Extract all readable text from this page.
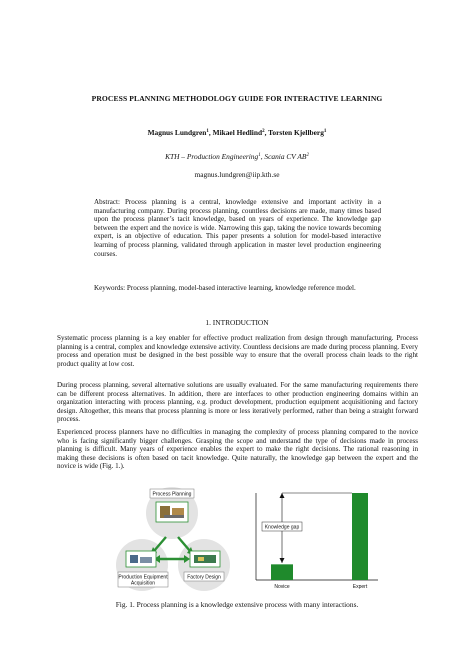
PROCESS PLANNING METHODOLOGY GUIDE FOR INTERACTIVE LEARNING
Magnus Lundgren$^1$, Mikael Hedlind$^2$, Torsten Kjellberg$^1$
KTH – Production Engineering$^1$, Scania CV $AB^2$
magnus.lundgren@iip.kth.se
Abstract: Process planning is a central, knowledge extensive and important activity in a manufacturing company. During process planning, countless decisions are made, many times based upon the process planner’s tacit knowledge, based on years of experience. The knowledge gap between the expert and the novice is wide. Narrowing this gap, taking the novice towards becoming expert, is an objective of education. This paper presents a solution for model-based interactive learning of process planning, validated through application in master level production engineering courses.
Keywords: Process planning, model-based interactive learning, knowledge reference model.
1. INTRODUCTION
Systematic process planning is a key enabler for effective product realization from design through manufacturing. Process planning is a central, complex and knowledge extensive activity. Countless decisions are made during process planning. Every process and operation must be designed in the best possible way to ensure that the overall process chain leads to the right product quality at low cost.
During process planning, several alternative solutions are usually evaluated. For the same manufacturing requirements there can be different process alternatives. In addition, there are interfaces to other production engineering domains within an organization interacting with process planning, e.g. product development, production equipment acquisitioning and factory design. Altogether, this means that process planning is more or less iteratively performed, rather than being a straight forward process.
Experienced process planners have no difficulties in managing the complexity of process planning compared to the novice who is facing significantly bigger challenges. Grasping the scope and understand the type of decisions made in process planning is difficult. Many years of experience enables the expert to make the right decisions. The rational reasoning in making these decisions is often based on tacit knowledge. Quite naturally, the knowledge gap between the expert and the novice is wide (Fig. 1.).
Process Planning
Production Equipment
Acquisition
Factory Design
Knowledge gap
Novice	Expert
Fig. 1. Process planning is a knowledge extensive process with many interactions.
